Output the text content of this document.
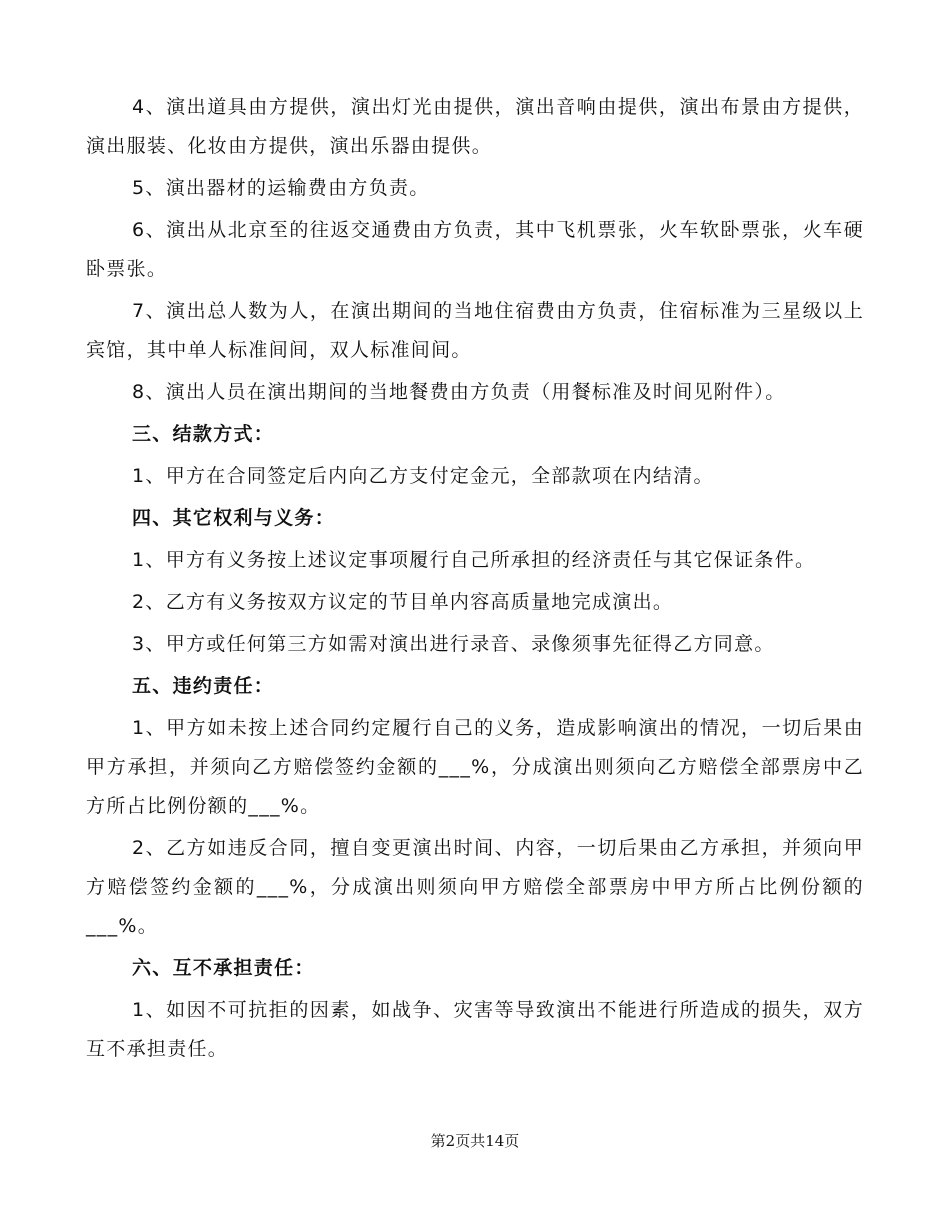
4、演出道具由方提供，演出灯光由提供，演出音响由提供，演出布景由方提供，演出服装、化妆由方提供，演出乐器由提供。

5、演出器材的运输费由方负责。

6、演出从北京至的往返交通费由方负责，其中飞机票张，火车软卧票张，火车硬卧票张。

7、演出总人数为人，在演出期间的当地住宿费由方负责，住宿标准为三星级以上宾馆，其中单人标准间间，双人标准间间。

8、演出人员在演出期间的当地餐费由方负责（用餐标准及时间见附件）。

三、结款方式：

1、甲方在合同签定后内向乙方支付定金元，全部款项在内结清。

四、其它权利与义务：

1、甲方有义务按上述议定事项履行自己所承担的经济责任与其它保证条件。

2、乙方有义务按双方议定的节目单内容高质量地完成演出。

3、甲方或任何第三方如需对演出进行录音、录像须事先征得乙方同意。

五、违约责任：

1、甲方如未按上述合同约定履行自己的义务，造成影响演出的情况，一切后果由甲方承担，并须向乙方赔偿签约金额的___%，分成演出则须向乙方赔偿全部票房中乙方所占比例份额的___%。

2、乙方如违反合同，擅自变更演出时间、内容，一切后果由乙方承担，并须向甲方赔偿签约金额的___%，分成演出则须向甲方赔偿全部票房中甲方所占比例份额的___%。

六、互不承担责任：

1、如因不可抗拒的因素，如战争、灾害等导致演出不能进行所造成的损失，双方互不承担责任。

第2页共14页
